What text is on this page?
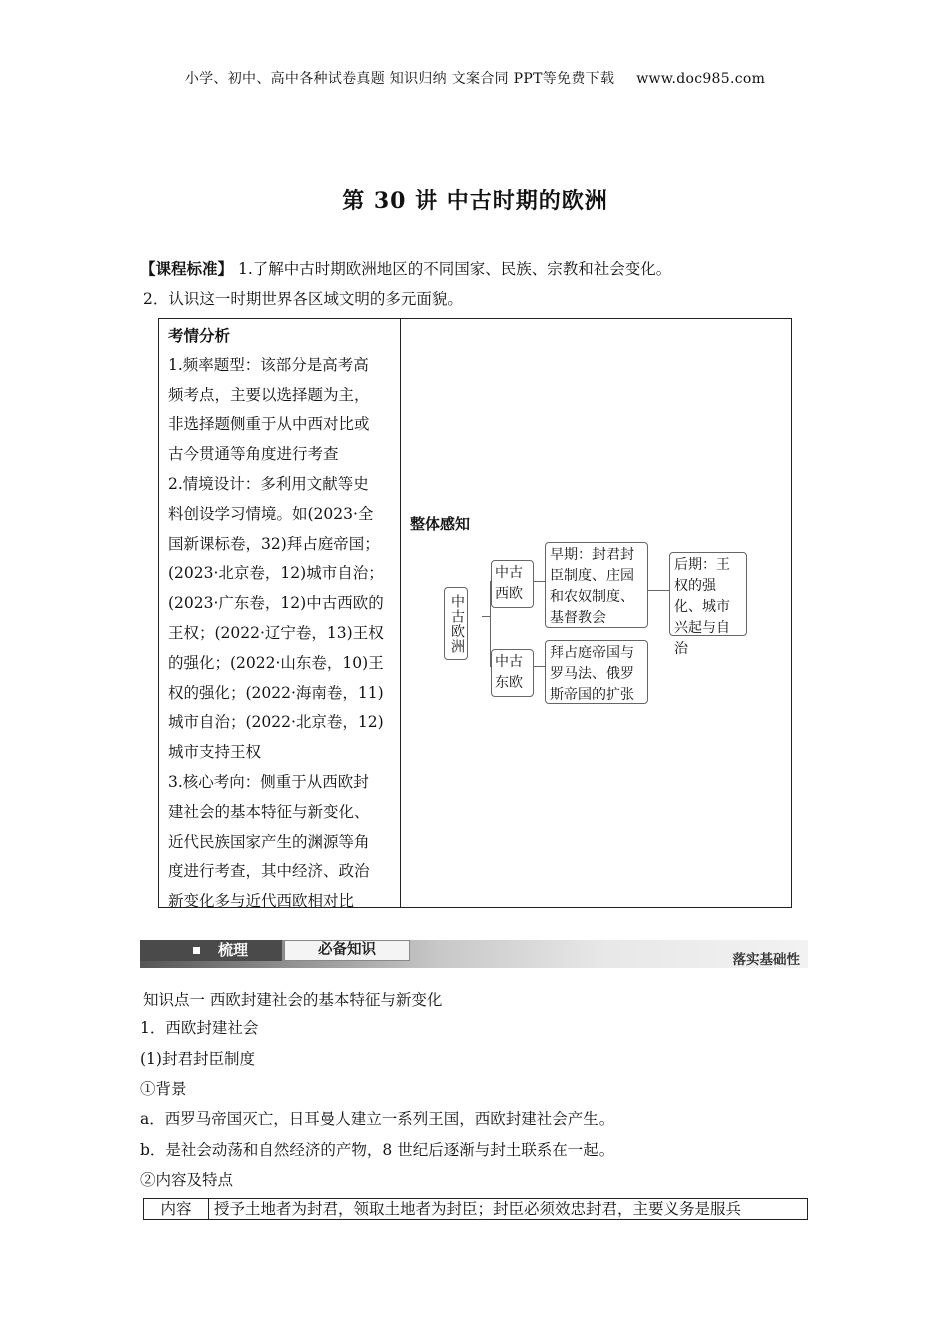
小学、初中、高中各种试卷真题 知识归纳 文案合同 PPT等免费下载 www.doc985.com
第 30 讲 中古时期的欧洲
【课程标准】 1.了解中古时期欧洲地区的不同国家、民族、宗教和社会变化。
2．认识这一时期世界各区域文明的多元面貌。
考情分析
1.频率题型：该部分是高考高
频考点，主要以选择题为主，
非选择题侧重于从中西对比或
古今贯通等角度进行考查
2.情境设计：多利用文献等史
料创设学习情境。如(2023·全
国新课标卷，32)拜占庭帝国；
(2023·北京卷，12)城市自治；
(2023·广东卷，12)中古西欧的
王权；(2022·辽宁卷，13)王权
的强化；(2022·山东卷，10)王
权的强化；(2022·海南卷，11)
城市自治；(2022·北京卷，12)
城市支持王权
3.核心考向：侧重于从西欧封
建社会的基本特征与新变化、
近代民族国家产生的渊源等角
度进行考查，其中经济、政治
新变化多与近代西欧相对比
整体感知
中古欧洲
中古西欧
中古东欧
早期：封君封臣制度、庄园和农奴制度、基督教会
后期：王权的强化、城市兴起与自治
拜占庭帝国与罗马法、俄罗斯帝国的扩张
梳理	必备知识
落实基础性
知识点一 西欧封建社会的基本特征与新变化
1．西欧封建社会
(1)封君封臣制度
①背景
a．西罗马帝国灭亡，日耳曼人建立一系列王国，西欧封建社会产生。
b．是社会动荡和自然经济的产物，8 世纪后逐渐与封土联系在一起。
②内容及特点
内容	授予土地者为封君，领取土地者为封臣；封臣必须效忠封君，主要义务是服兵
